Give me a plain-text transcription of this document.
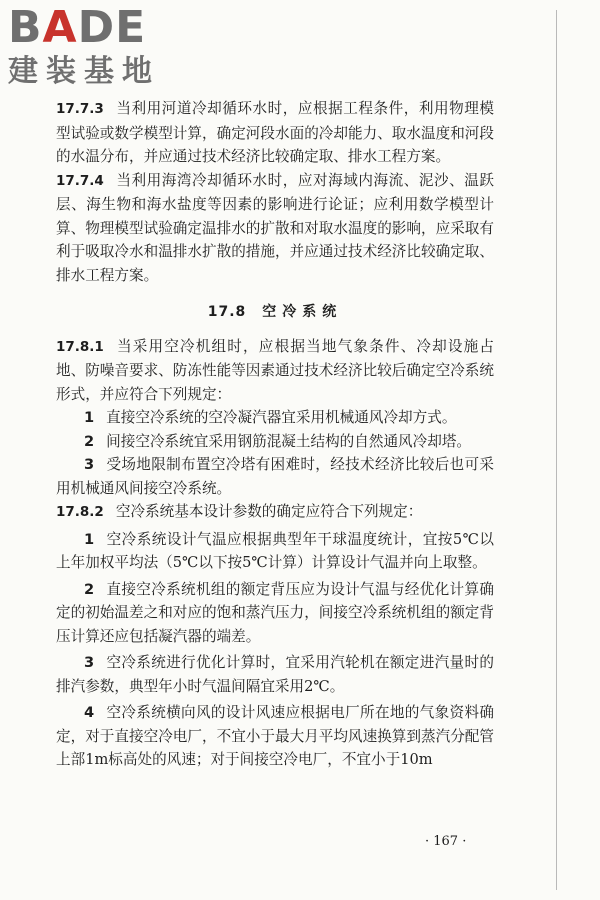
BADE
建装基地

17.7.3 当利用河道冷却循环水时，应根据工程条件，利用物理模型试验或数学模型计算，确定河段水面的冷却能力、取水温度和河段的水温分布，并应通过技术经济比较确定取、排水工程方案。

17.7.4 当利用海湾冷却循环水时，应对海域内海流、泥沙、温跃层、海生物和海水盐度等因素的影响进行论证；应利用数学模型计算、物理模型试验确定温排水的扩散和对取水温度的影响，应采取有利于吸取冷水和温排水扩散的措施，并应通过技术经济比较确定取、排水工程方案。

17.8 空冷系统

17.8.1 当采用空冷机组时，应根据当地气象条件、冷却设施占地、防噪音要求、防冻性能等因素通过技术经济比较后确定空冷系统形式，并应符合下列规定：

1 直接空冷系统的空冷凝汽器宜采用机械通风冷却方式。

2 间接空冷系统宜采用钢筋混凝土结构的自然通风冷却塔。

3 受场地限制布置空冷塔有困难时，经技术经济比较后也可采用机械通风间接空冷系统。

17.8.2 空冷系统基本设计参数的确定应符合下列规定：

1 空冷系统设计气温应根据典型年干球温度统计，宜按5℃以上年加权平均法（5℃以下按5℃计算）计算设计气温并向上取整。

2 直接空冷系统机组的额定背压应为设计气温与经优化计算确定的初始温差之和对应的饱和蒸汽压力，间接空冷系统机组的额定背压计算还应包括凝汽器的端差。

3 空冷系统进行优化计算时，宜采用汽轮机在额定进汽量时的排汽参数，典型年小时气温间隔宜采用2℃。

4 空冷系统横向风的设计风速应根据电厂所在地的气象资料确定，对于直接空冷电厂，不宜小于最大月平均风速换算到蒸汽分配管上部1m标高处的风速；对于间接空冷电厂，不宜小于10m

· 167 ·
